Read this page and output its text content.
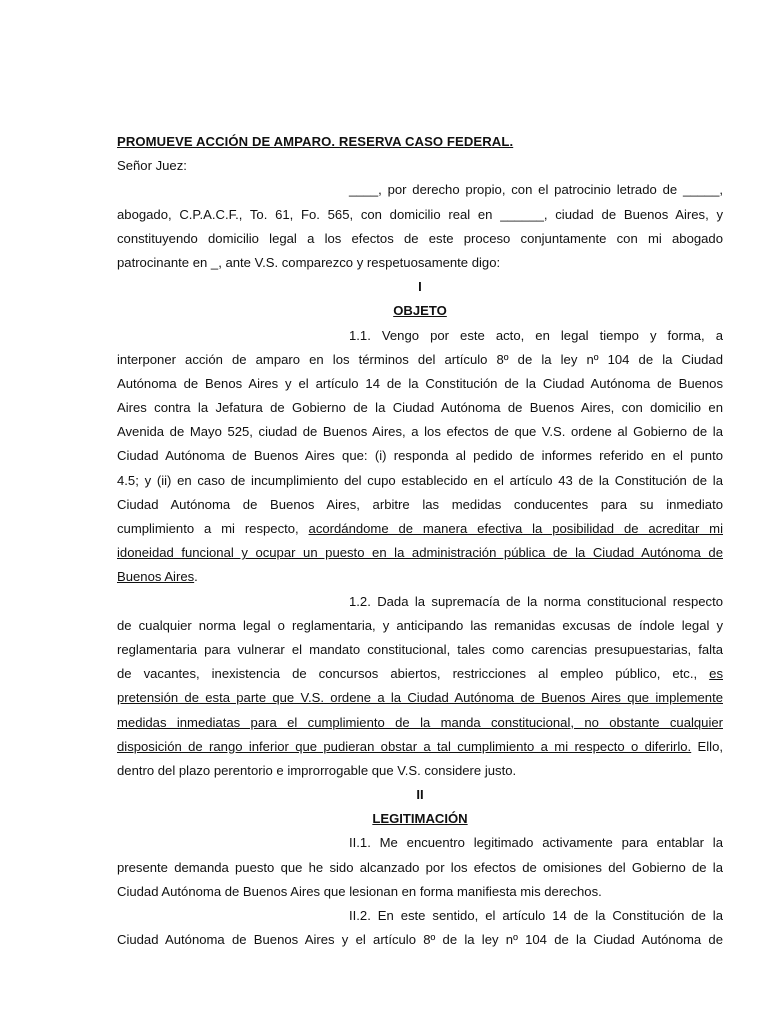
PROMUEVE ACCIÓN DE AMPARO. RESERVA CASO FEDERAL.
Señor Juez:
____, por derecho propio, con el patrocinio letrado de _____,
abogado, C.P.A.C.F., To. 61, Fo. 565, con domicilio real en ______, ciudad de Buenos Aires, y
constituyendo domicilio legal a los efectos de este proceso conjuntamente con mi abogado
patrocinante en _, ante V.S. comparezco y respetuosamente digo:
I
OBJETO
1.1. Vengo por este acto, en legal tiempo y forma, a
interponer acción de amparo en los términos del artículo 8º de la ley nº 104 de la Ciudad
Autónoma de Benos Aires y el artículo 14 de la Constitución de la Ciudad Autónoma de Buenos
Aires contra la Jefatura de Gobierno de la Ciudad Autónoma de Buenos Aires, con domicilio en
Avenida de Mayo 525, ciudad de Buenos Aires, a los efectos de que V.S. ordene al Gobierno de la
Ciudad Autónoma de Buenos Aires que: (i) responda al pedido de informes referido en el punto
4.5; y (ii) en caso de incumplimiento del cupo establecido en el artículo 43 de la Constitución de la
Ciudad Autónoma de Buenos Aires, arbitre las medidas conducentes para su inmediato
cumplimiento a mi respecto, acordándome de manera efectiva la posibilidad de acreditar mi
idoneidad funcional y ocupar un puesto en la administración pública de la Ciudad Autónoma de
Buenos Aires.
1.2. Dada la supremacía de la norma constitucional respecto
de cualquier norma legal o reglamentaria, y anticipando las remanidas excusas de índole legal y
reglamentaria para vulnerar el mandato constitucional, tales como carencias presupuestarias, falta
de vacantes, inexistencia de concursos abiertos, restricciones al empleo público, etc., es
pretensión de esta parte que V.S. ordene a la Ciudad Autónoma de Buenos Aires que implemente
medidas inmediatas para el cumplimiento de la manda constitucional, no obstante cualquier
disposición de rango inferior que pudieran obstar a tal cumplimiento a mi respecto o diferirlo. Ello,
dentro del plazo perentorio e improrrogable que V.S. considere justo.
II
LEGITIMACIÓN
II.1. Me encuentro legitimado activamente para entablar la
presente demanda puesto que he sido alcanzado por los efectos de omisiones del Gobierno de la
Ciudad Autónoma de Buenos Aires que lesionan en forma manifiesta mis derechos.
II.2. En este sentido, el artículo 14 de la Constitución de la
Ciudad Autónoma de Buenos Aires y el artículo 8º de la ley nº 104 de la Ciudad Autónoma de
